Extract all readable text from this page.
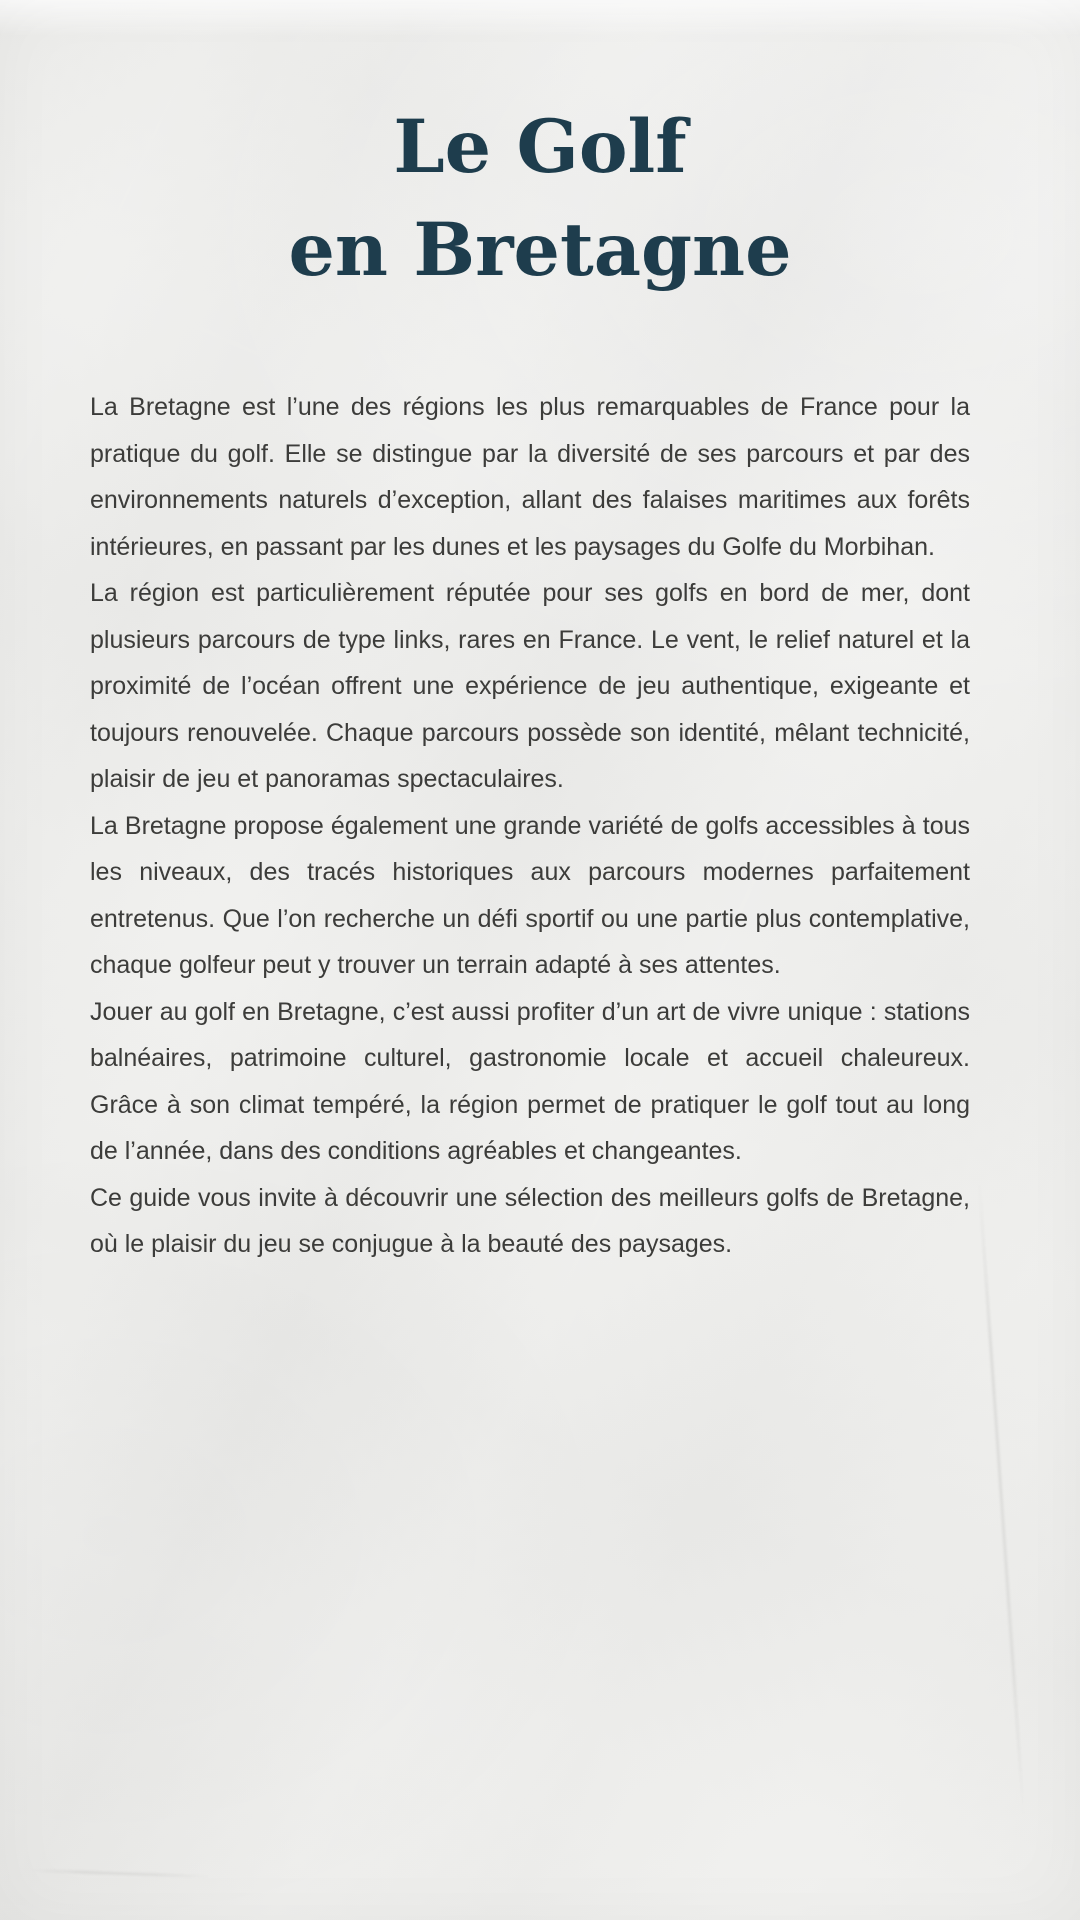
Le Golf
en Bretagne

La Bretagne est l’une des régions les plus remarquables de France pour la pratique du golf. Elle se distingue par la diversité de ses parcours et par des environnements naturels d’exception, allant des falaises maritimes aux forêts intérieures, en passant par les dunes et les paysages du Golfe du Morbihan.

La région est particulièrement réputée pour ses golfs en bord de mer, dont plusieurs parcours de type links, rares en France. Le vent, le relief naturel et la proximité de l’océan offrent une expérience de jeu authentique, exigeante et toujours renouvelée. Chaque parcours possède son identité, mêlant technicité, plaisir de jeu et panoramas spectaculaires.

La Bretagne propose également une grande variété de golfs accessibles à tous les niveaux, des tracés historiques aux parcours modernes parfaitement entretenus. Que l’on recherche un défi sportif ou une partie plus contemplative, chaque golfeur peut y trouver un terrain adapté à ses attentes.

Jouer au golf en Bretagne, c’est aussi profiter d’un art de vivre unique : stations balnéaires, patrimoine culturel, gastronomie locale et accueil chaleureux. Grâce à son climat tempéré, la région permet de pratiquer le golf tout au long de l’année, dans des conditions agréables et changeantes.

Ce guide vous invite à découvrir une sélection des meilleurs golfs de Bretagne, où le plaisir du jeu se conjugue à la beauté des paysages.
